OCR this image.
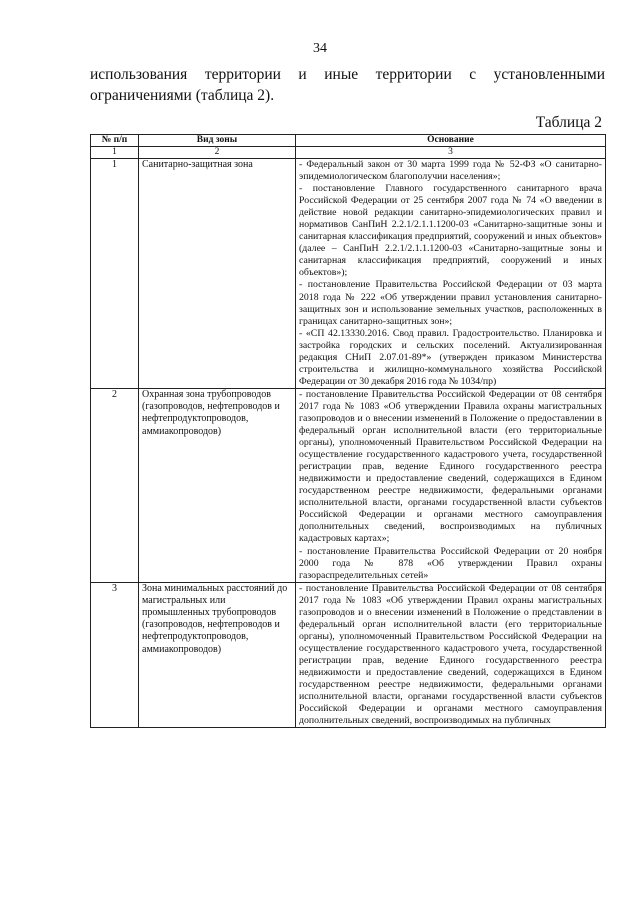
34
использования территории и иные территории с установленными ограничениями (таблица 2).
Таблица 2
№ п/п	Вид зоны	Основание
1	2	3
1	Санитарно-защитная зона	- Федеральный закон от 30 марта 1999 года № 52-ФЗ «О санитарно-эпидемиологическом благополучии населения»;
- постановление Главного государственного санитарного врача Российской Федерации от 25 сентября 2007 года № 74 «О введении в действие новой редакции санитарно-эпидемиологических правил и нормативов СанПиН 2.2.1/2.1.1.1200-03 «Санитарно-защитные зоны и санитарная классификация предприятий, сооружений и иных объектов» (далее – СанПиН 2.2.1/2.1.1.1200-03 «Санитарно-защитные зоны и санитарная классификация предприятий, сооружений и иных объектов»);
- постановление Правительства Российской Федерации от 03 марта 2018 года № 222 «Об утверждении правил установления санитарно-защитных зон и использование земельных участков, расположенных в границах санитарно-защитных зон»;
- «СП 42.13330.2016. Свод правил. Градостроительство. Планировка и застройка городских и сельских поселений. Актуализированная редакция СНиП 2.07.01-89*» (утвержден приказом Министерства строительства и жилищно-коммунального хозяйства Российской Федерации от 30 декабря 2016 года № 1034/пр)

2	Охранная зона трубопроводов (газопроводов, нефтепроводов и нефтепродуктопроводов, аммиакопроводов)	- постановление Правительства Российской Федерации от 08 сентября 2017 года № 1083 «Об утверждении Правила охраны магистральных газопроводов и о внесении изменений в Положение о предоставлении в федеральный орган исполнительной власти (его территориальные органы), уполномоченный Правительством Российской Федерации на осуществление государственного кадастрового учета, государственной регистрации прав, ведение Единого государственного реестра недвижимости и предоставление сведений, содержащихся в Едином государственном реестре недвижимости, федеральными органами исполнительной власти, органами государственной власти субъектов Российской Федерации и органами местного самоуправления дополнительных сведений, воспроизводимых на публичных кадастровых картах»;
- постановление Правительства Российской Федерации от 20 ноября 2000 года № 878 «Об утверждении Правил охраны газораспределительных сетей»

3	Зона минимальных расстояний до магистральных или промышленных трубопроводов (газопроводов, нефтепроводов и нефтепродуктопроводов, аммиакопроводов)	- постановление Правительства Российской Федерации от 08 сентября 2017 года № 1083 «Об утверждении Правил охраны магистральных газопроводов и о внесении изменений в Положение о представлении в федеральный орган исполнительной власти (его территориальные органы), уполномоченный Правительством Российской Федерации на осуществление государственного кадастрового учета, государственной регистрации прав, ведение Единого государственного реестра недвижимости и предоставление сведений, содержащихся в Едином государственном реестре недвижимости, федеральными органами исполнительной власти, органами государственной власти субъектов Российской Федерации и органами местного самоуправления дополнительных сведений, воспроизводимых на публичных
